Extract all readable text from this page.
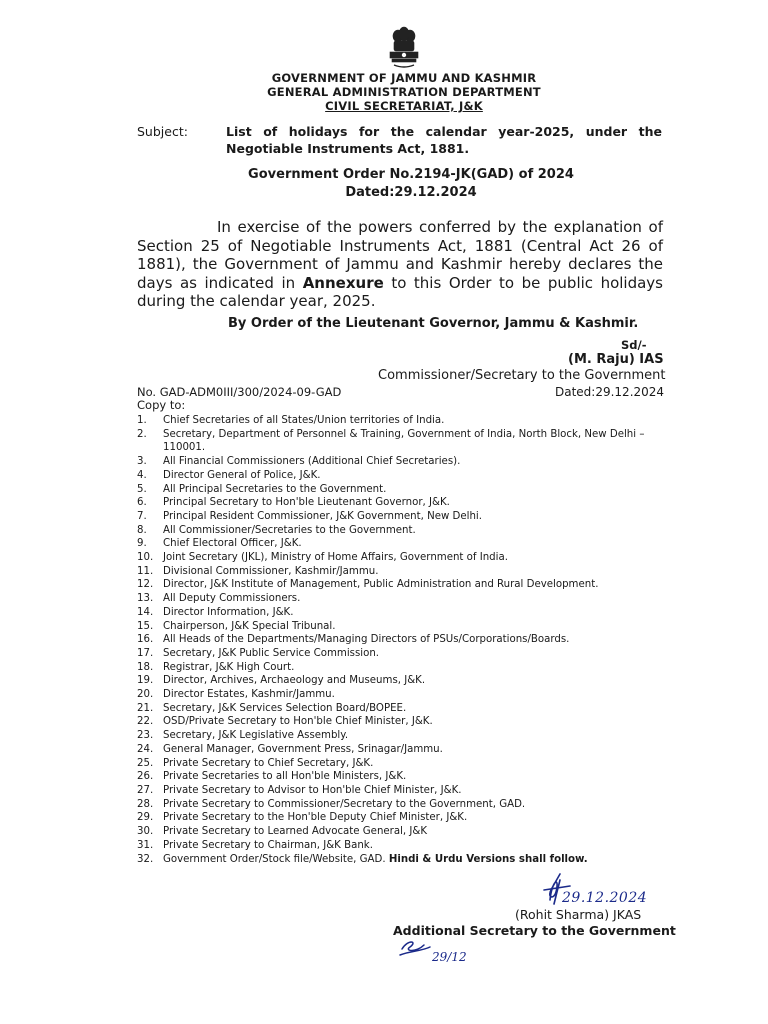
GOVERNMENT OF JAMMU AND KASHMIR
GENERAL ADMINISTRATION DEPARTMENT
CIVIL SECRETARIAT, J&K
Subject:	List of holidays for the calendar year-2025, under the Negotiable Instruments Act, 1881.
Government Order No.2194-JK(GAD) of 2024
Dated:29.12.2024
In exercise of the powers conferred by the explanation of Section 25 of Negotiable Instruments Act, 1881 (Central Act 26 of 1881), the Government of Jammu and Kashmir hereby declares the days as indicated in Annexure to this Order to be public holidays during the calendar year, 2025.
By Order of the Lieutenant Governor, Jammu & Kashmir.
Sd/-
(M. Raju) IAS
Commissioner/Secretary to the Government
No. GAD-ADM0III/300/2024-09-GAD	Dated:29.12.2024
Copy to:
1.	Chief Secretaries of all States/Union territories of India.
2.	Secretary, Department of Personnel & Training, Government of India, North Block, New Delhi – 110001.
3.	All Financial Commissioners (Additional Chief Secretaries).
4.	Director General of Police, J&K.
5.	All Principal Secretaries to the Government.
6.	Principal Secretary to Hon'ble Lieutenant Governor, J&K.
7.	Principal Resident Commissioner, J&K Government, New Delhi.
8.	All Commissioner/Secretaries to the Government.
9.	Chief Electoral Officer, J&K.
10. Joint Secretary (JKL), Ministry of Home Affairs, Government of India.
11. Divisional Commissioner, Kashmir/Jammu.
12. Director, J&K Institute of Management, Public Administration and Rural Development.
13. All Deputy Commissioners.
14. Director Information, J&K.
15. Chairperson, J&K Special Tribunal.
16. All Heads of the Departments/Managing Directors of PSUs/Corporations/Boards.
17. Secretary, J&K Public Service Commission.
18. Registrar, J&K High Court.
19. Director, Archives, Archaeology and Museums, J&K.
20. Director Estates, Kashmir/Jammu.
21. Secretary, J&K Services Selection Board/BOPEE.
22. OSD/Private Secretary to Hon'ble Chief Minister, J&K.
23. Secretary, J&K Legislative Assembly.
24. General Manager, Government Press, Srinagar/Jammu.
25. Private Secretary to Chief Secretary, J&K.
26. Private Secretaries to all Hon'ble Ministers, J&K.
27. Private Secretary to Advisor to Hon'ble Chief Minister, J&K.
28. Private Secretary to Commissioner/Secretary to the Government, GAD.
29. Private Secretary to the Hon'ble Deputy Chief Minister, J&K.
30. Private Secretary to Learned Advocate General, J&K
31. Private Secretary to Chairman, J&K Bank.
32. Government Order/Stock file/Website, GAD. Hindi & Urdu Versions shall follow.
29.12.2024
(Rohit Sharma) JKAS
Additional Secretary to the Government
29/12
